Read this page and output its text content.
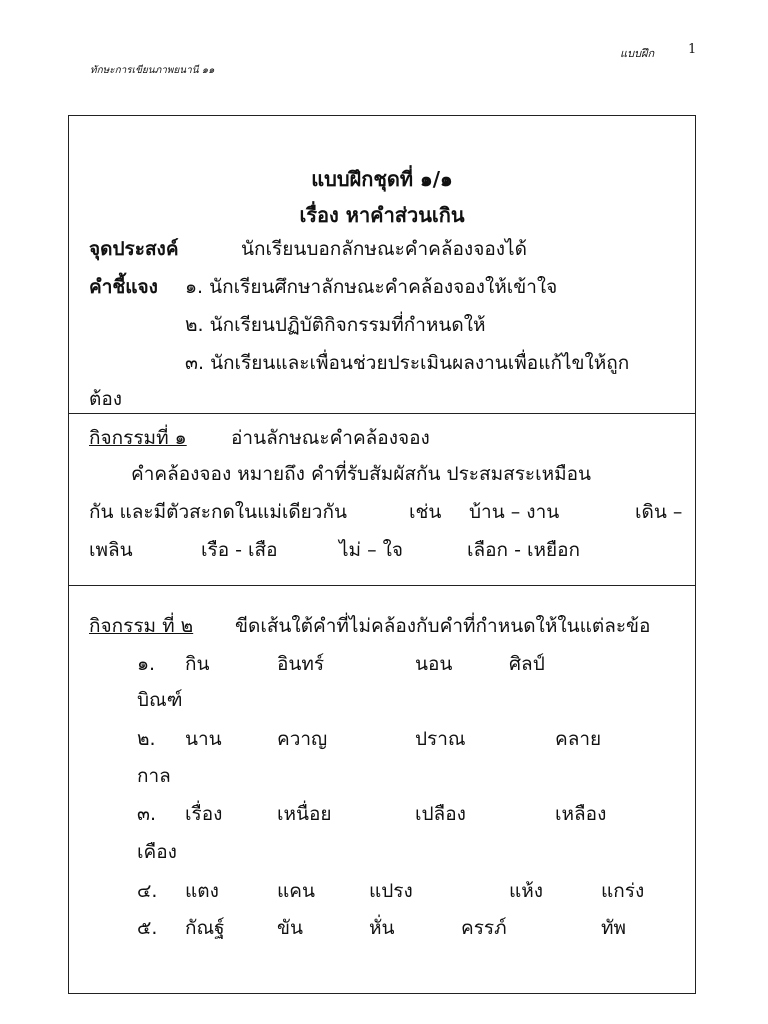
แบบฝึก	1
ทักษะการเขียนภาพยนานี ๑๑
แบบฝึกชุดที่ ๑/๑
เรื่อง หาคำส่วนเกิน
จุดประสงค์	นักเรียนบอกลักษณะคำคล้องจองได้
คำชี้แจง ๑. นักเรียนศึกษาลักษณะคำคล้องจองให้เข้าใจ
๒. นักเรียนปฏิบัติกิจกรรมที่กำหนดให้
๓. นักเรียนและเพื่อนช่วยประเมินผลงานเพื่อแก้ไขให้ถูก
ต้อง
กิจกรรมที่ ๑ อ่านลักษณะคำคล้องจอง
คำคล้องจอง หมายถึง คำที่รับสัมผัสกัน ประสมสระเหมือน
กัน และมีตัวสะกดในแม่เดียวกัน	เช่น บ้าน – งาน	เดิน –
เพลิน	เรือ - เสือ	ไม่ – ใจ	เลือก - เหยือก
กิจกรรม ที่ ๒ ขีดเส้นใต้คำที่ไม่คล้องกับคำที่กำหนดให้ในแต่ละข้อ
๑. กิน	อินทร์	นอน	ศิลป์
บิณฑ์
๒. นาน	ควาญ	ปราณ	คลาย
กาล
๓. เรื่อง	เหนื่อย	เปลือง	เหลือง
เคือง
๔. แตง	แคน	แปรง	แห้ง	แกร่ง
๕. กัณฐ์	ขัน	หั่น	ครรภ์	ทัพ
